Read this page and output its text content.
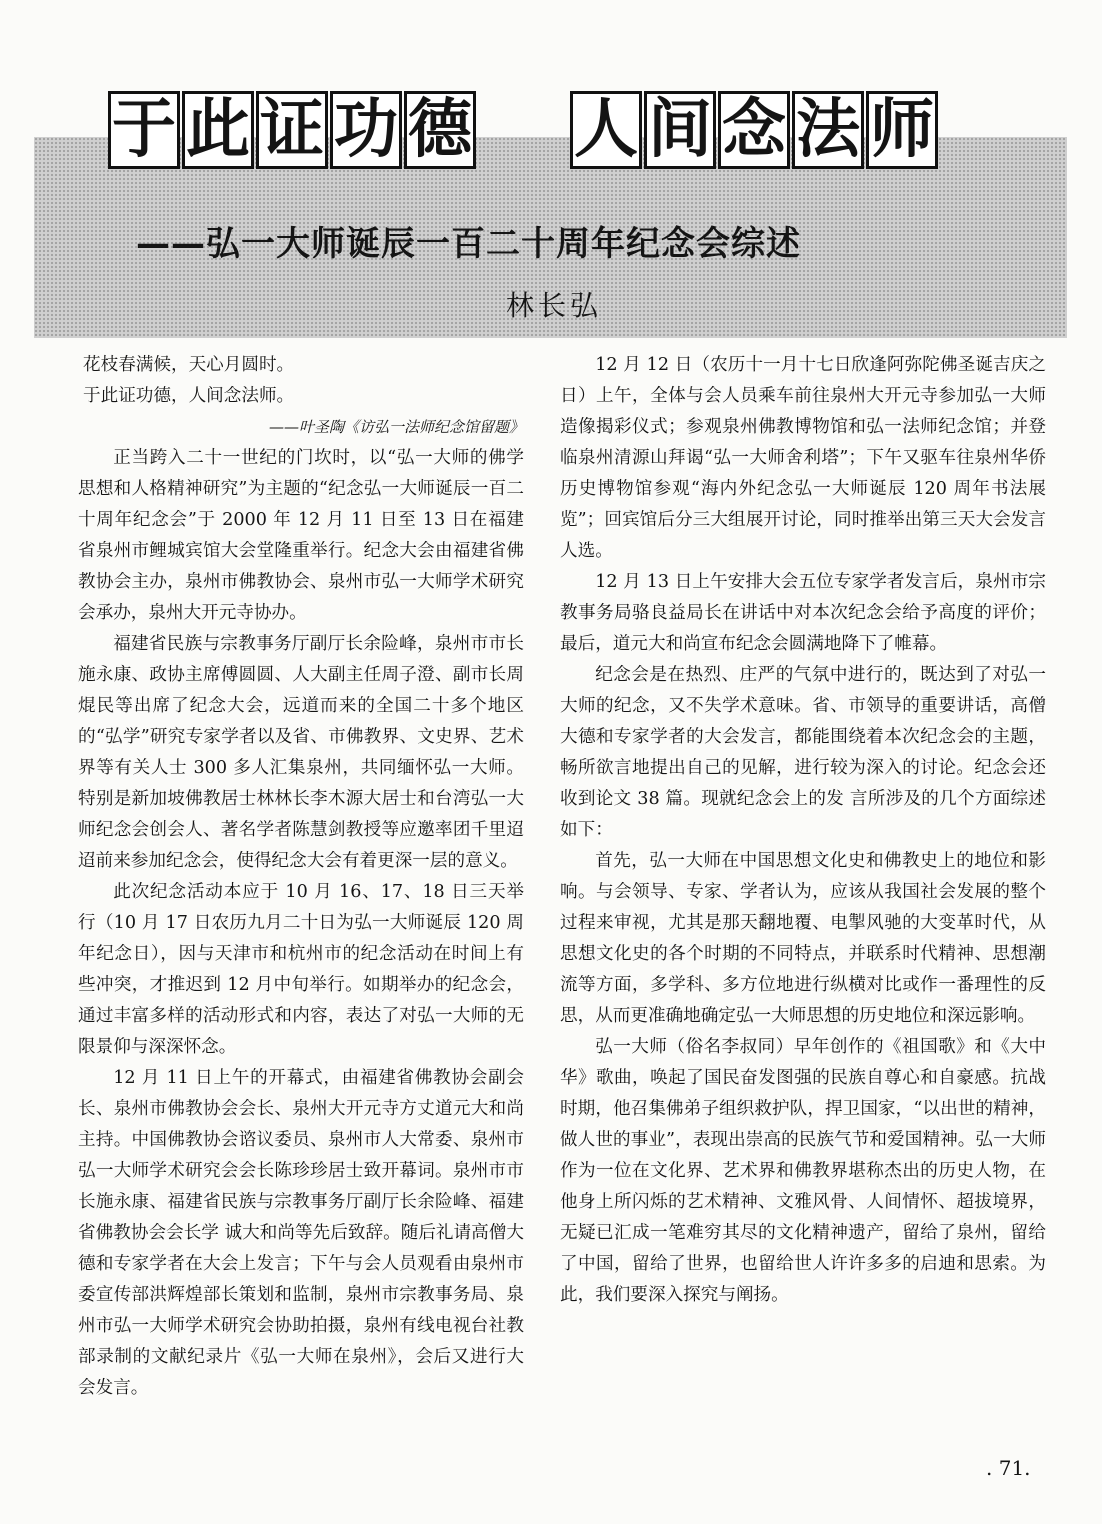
于 此 证 功 德 人 间 念 法 师
——弘一大师诞辰一百二十周年纪念会综述
林长弘

花枝春满候，天心月圆时。

于此证功德，人间念法师。

——叶圣陶《访弘一法师纪念馆留题》

正当跨入二十一世纪的门坎时，以“弘一大师的佛学思想和人格精神研究”为主题的“纪念弘一大师诞辰一百二十周年纪念会”于 2000 年 12 月 11 日至 13 日在福建省泉州市鲤城宾馆大会堂隆重举行。纪念大会由福建省佛教协会主办，泉州市佛教协会、泉州市弘一大师学术研究会承办，泉州大开元寺协办。

福建省民族与宗教事务厅副厅长余险峰，泉州市市长施永康、政协主席傅圆圆、人大副主任周子澄、副市长周焜民等出席了纪念大会，远道而来的全国二十多个地区的“弘学”研究专家学者以及省、市佛教界、文史界、艺术界等有关人士 300 多人汇集泉州，共同缅怀弘一大师。特别是新加坡佛教居士林林长李木源大居士和台湾弘一大师纪念会创会人、著名学者陈慧剑教授等应邀率团千里迢迢前来参加纪念会，使得纪念大会有着更深一层的意义。

此次纪念活动本应于 10 月 16、17、18 日三天举行（10 月 17 日农历九月二十日为弘一大师诞辰 120 周年纪念日），因与天津市和杭州市的纪念活动在时间上有些冲突，才推迟到 12 月中旬举行。如期举办的纪念会，通过丰富多样的活动形式和内容，表达了对弘一大师的无限景仰与深深怀念。

12 月 11 日上午的开幕式，由福建省佛教协会副会长、泉州市佛教协会会长、泉州大开元寺方丈道元大和尚主持。中国佛教协会谘议委员、泉州市人大常委、泉州市弘一大师学术研究会会长陈珍珍居士致开幕词。泉州市市长施永康、福建省民族与宗教事务厅副厅长余险峰、福建省佛教协会会长学 诚大和尚等先后致辞。随后礼请高僧大德和专家学者在大会上发言；下午与会人员观看由泉州市委宣传部洪辉煌部长策划和监制，泉州市宗教事务局、泉州市弘一大师学术研究会协助拍摄，泉州有线电视台社教部录制的文献纪录片《弘一大师在泉州》，会后又进行大会发言。

12 月 12 日（农历十一月十七日欣逢阿弥陀佛圣诞吉庆之日）上午，全体与会人员乘车前往泉州大开元寺参加弘一大师造像揭彩仪式；参观泉州佛教博物馆和弘一法师纪念馆；并登临泉州清源山拜谒“弘一大师舍利塔”；下午又驱车往泉州华侨历史博物馆参观“海内外纪念弘一大师诞辰 120 周年书法展览”；回宾馆后分三大组展开讨论，同时推举出第三天大会发言人选。

12 月 13 日上午安排大会五位专家学者发言后，泉州市宗教事务局骆良益局长在讲话中对本次纪念会给予高度的评价；最后，道元大和尚宣布纪念会圆满地降下了帷幕。

纪念会是在热烈、庄严的气氛中进行的，既达到了对弘一大师的纪念，又不失学术意味。省、市领导的重要讲话，高僧大德和专家学者的大会发言，都能围绕着本次纪念会的主题，畅所欲言地提出自己的见解，进行较为深入的讨论。纪念会还收到论文 38 篇。现就纪念会上的发 言所涉及的几个方面综述如下：

首先，弘一大师在中国思想文化史和佛教史上的地位和影响。与会领导、专家、学者认为，应该从我国社会发展的整个过程来审视，尤其是那天翻地覆、电掣风驰的大变革时代，从思想文化史的各个时期的不同特点，并联系时代精神、思想潮流等方面，多学科、多方位地进行纵横对比或作一番理性的反思，从而更准确地确定弘一大师思想的历史地位和深远影响。

弘一大师（俗名李叔同）早年创作的《祖国歌》和《大中华》歌曲，唤起了国民奋发图强的民族自尊心和自豪感。抗战时期，他召集佛弟子组织救护队，捍卫国家，“以出世的精神，做人世的事业”，表现出崇高的民族气节和爱国精神。弘一大师作为一位在文化界、艺术界和佛教界堪称杰出的历史人物，在他身上所闪烁的艺术精神、文雅风骨、人间情怀、超拔境界，无疑已汇成一笔难穷其尽的文化精神遗产，留给了泉州，留给了中国，留给了世界，也留给世人许许多多的启迪和思索。为此，我们要深入探究与阐扬。

. 71.
